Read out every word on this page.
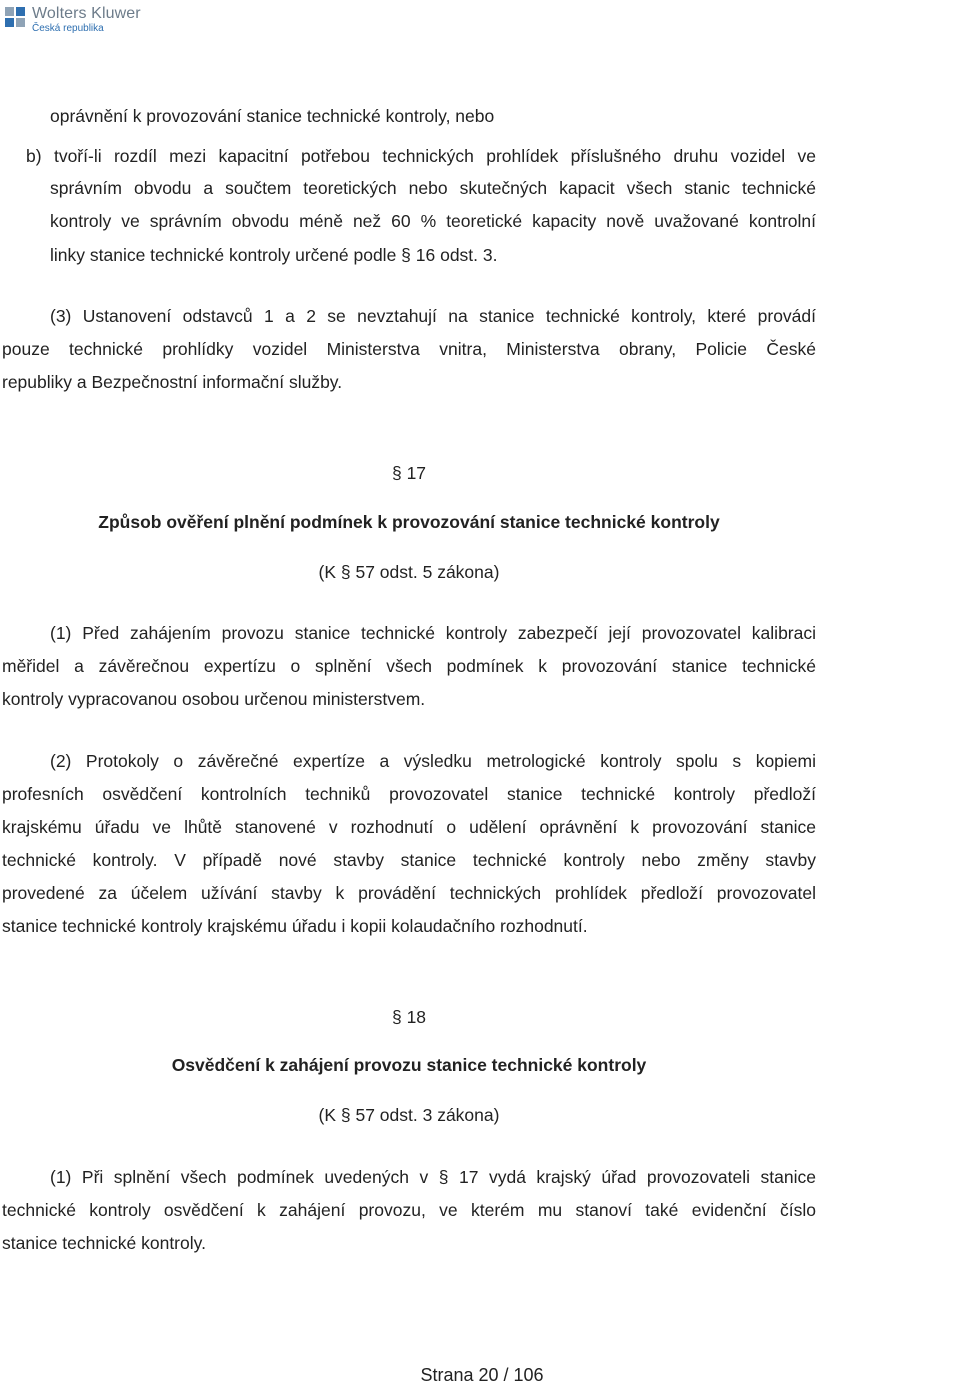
Wolters Kluwer
Česká republika
oprávnění k provozování stanice technické kontroly, nebo
b) tvoří-li rozdíl mezi kapacitní potřebou technických prohlídek příslušného druhu vozidel ve
správním obvodu a součtem teoretických nebo skutečných kapacit všech stanic technické
kontroly ve správním obvodu méně než 60 % teoretické kapacity nově uvažované kontrolní
linky stanice technické kontroly určené podle § 16 odst. 3.
(3) Ustanovení odstavců 1 a 2 se nevztahují na stanice technické kontroly, které provádí
pouze technické prohlídky vozidel Ministerstva vnitra, Ministerstva obrany, Policie České
republiky a Bezpečnostní informační služby.
§ 17
Způsob ověření plnění podmínek k provozování stanice technické kontroly
(K § 57 odst. 5 zákona)
(1) Před zahájením provozu stanice technické kontroly zabezpečí její provozovatel kalibraci
měřidel a závěrečnou expertízu o splnění všech podmínek k provozování stanice technické
kontroly vypracovanou osobou určenou ministerstvem.
(2) Protokoly o závěrečné expertíze a výsledku metrologické kontroly spolu s kopiemi
profesních osvědčení kontrolních techniků provozovatel stanice technické kontroly předloží
krajskému úřadu ve lhůtě stanovené v rozhodnutí o udělení oprávnění k provozování stanice
technické kontroly. V případě nové stavby stanice technické kontroly nebo změny stavby
provedené za účelem užívání stavby k provádění technických prohlídek předloží provozovatel
stanice technické kontroly krajskému úřadu i kopii kolaudačního rozhodnutí.
§ 18
Osvědčení k zahájení provozu stanice technické kontroly
(K § 57 odst. 3 zákona)
(1) Při splnění všech podmínek uvedených v § 17 vydá krajský úřad provozovateli stanice
technické kontroly osvědčení k zahájení provozu, ve kterém mu stanoví také evidenční číslo
stanice technické kontroly.
Strana 20 / 106
